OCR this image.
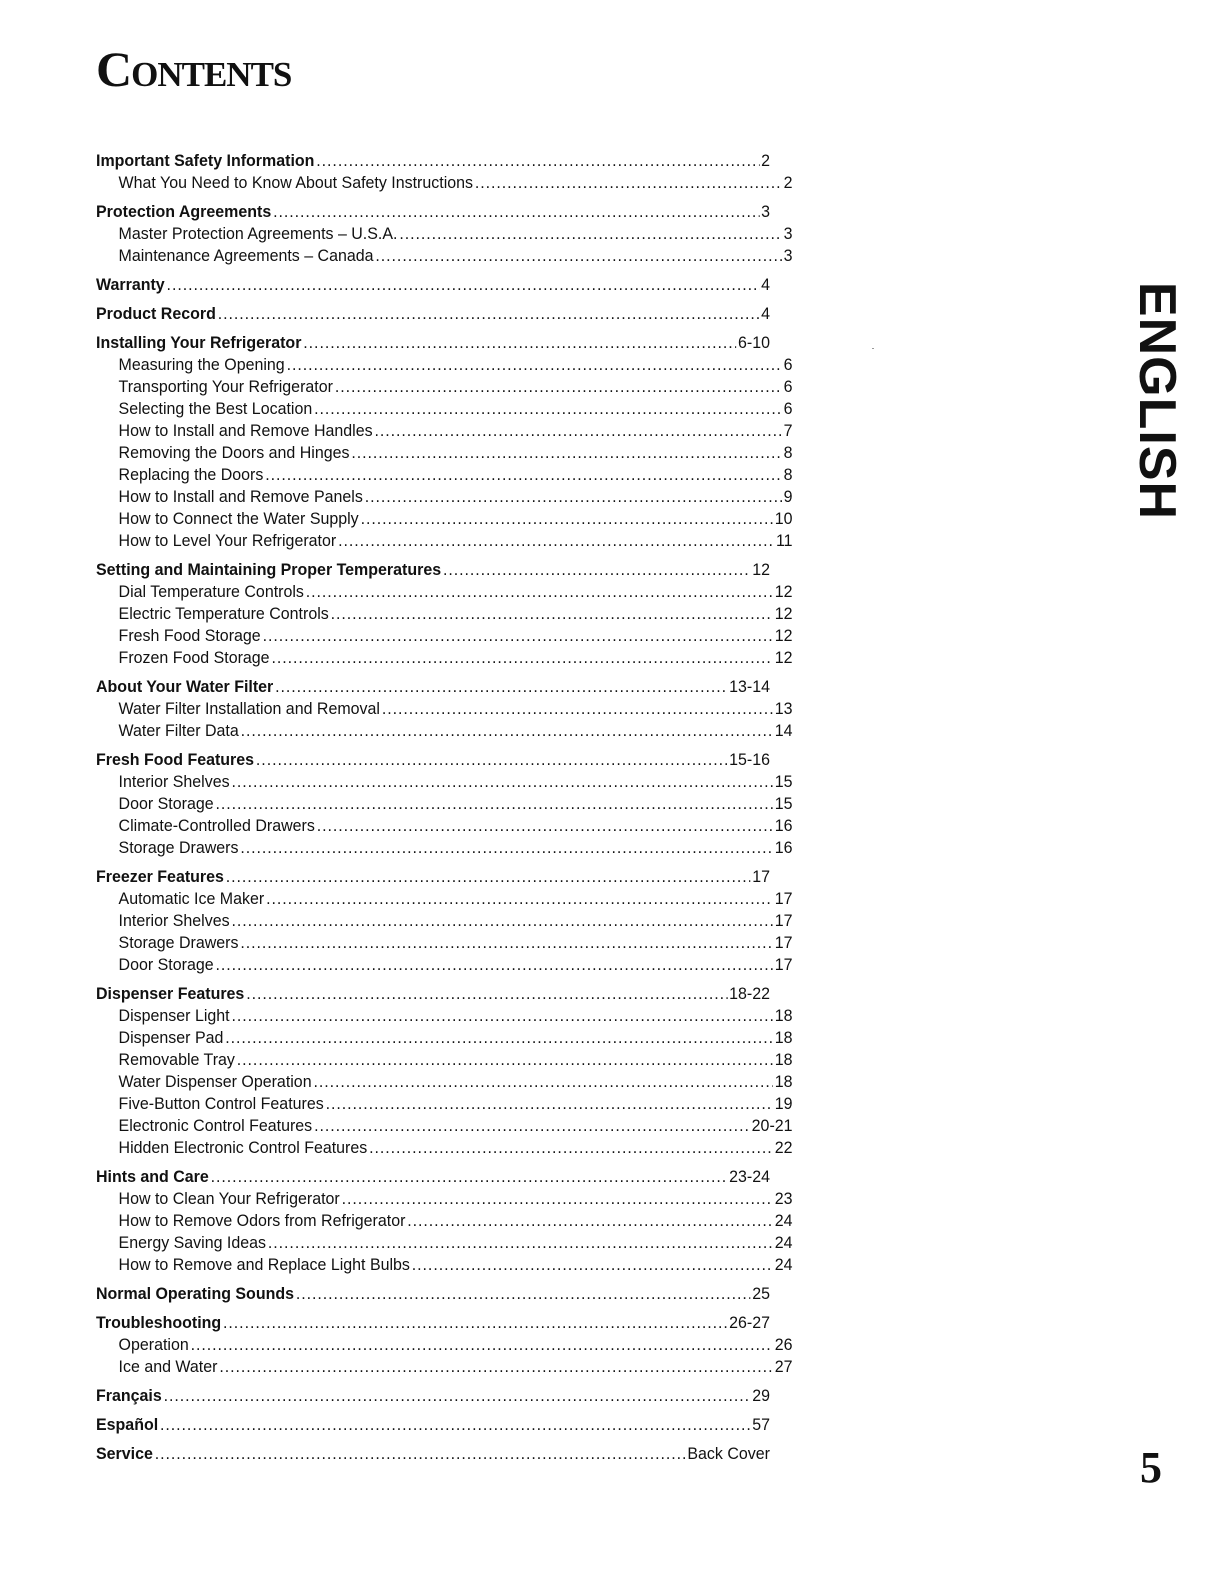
Contents
Important Safety Information .....	2
What You Need to Know About Safety Instructions .....	2
Protection Agreements .....	3
Master Protection Agreements – U.S.A. .....	3
Maintenance Agreements – Canada .....	3
Warranty .....	4
Product Record .....	4
Installing Your Refrigerator .....	6-10
Measuring the Opening .....	6
Transporting Your Refrigerator .....	6
Selecting the Best Location .....	6
How to Install and Remove Handles .....	7
Removing the Doors and Hinges .....	8
Replacing the Doors .....	8
How to Install and Remove Panels .....	9
How to Connect the Water Supply .....	10
How to Level Your Refrigerator .....	11
Setting and Maintaining Proper Temperatures .....	12
Dial Temperature Controls .....	12
Electric Temperature Controls .....	12
Fresh Food Storage .....	12
Frozen Food Storage .....	12
About Your Water Filter .....	13-14
Water Filter Installation and Removal .....	13
Water Filter Data .....	14
Fresh Food Features .....	15-16
Interior Shelves .....	15
Door Storage .....	15
Climate-Controlled Drawers .....	16
Storage Drawers .....	16
Freezer Features .....	17
Automatic Ice Maker .....	17
Interior Shelves .....	17
Storage Drawers .....	17
Door Storage .....	17
Dispenser Features .....	18-22
Dispenser Light .....	18
Dispenser Pad .....	18
Removable Tray .....	18
Water Dispenser Operation .....	18
Five-Button Control Features .....	19
Electronic Control Features .....	20-21
Hidden Electronic Control Features .....	22
Hints and Care .....	23-24
How to Clean Your Refrigerator .....	23
How to Remove Odors from Refrigerator .....	24
Energy Saving Ideas .....	24
How to Remove and Replace Light Bulbs .....	24
Normal Operating Sounds .....	25
Troubleshooting .....	26-27
Operation .....	26
Ice and Water .....	27
Français .....	29
Español .....	57
Service .....	Back Cover
ENGLISH
5
